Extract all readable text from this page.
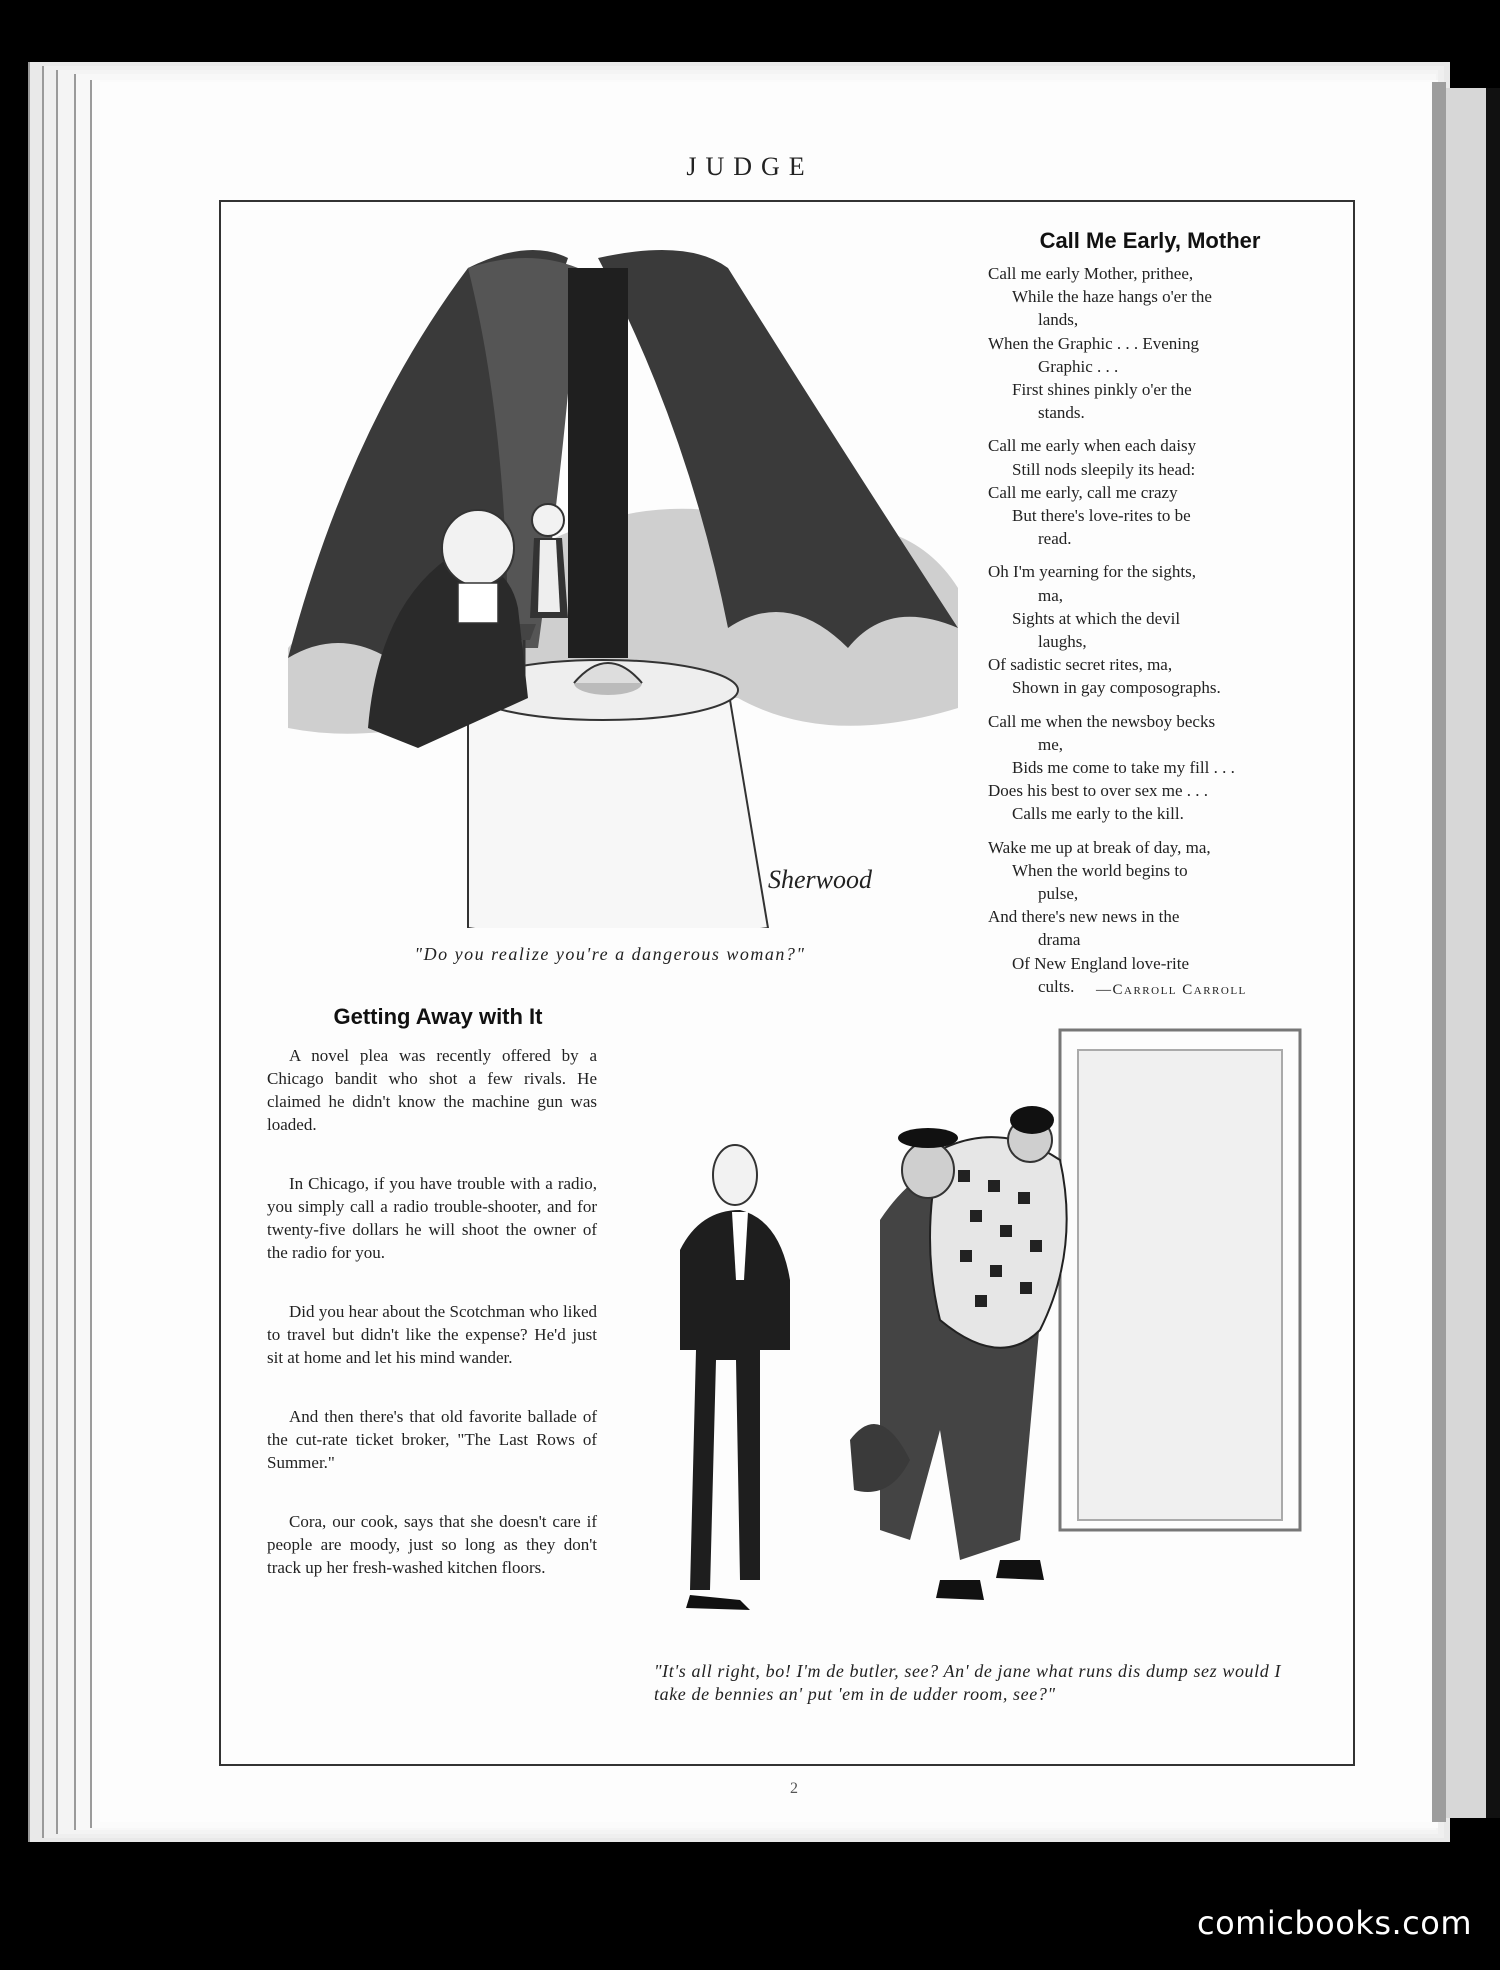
JUDGE
Sherwood
"Do you realize you're a dangerous woman?"
Call Me Early, Mother
Call me early Mother, prithee,
While the haze hangs o'er the
lands,
When the Graphic . . . Evening
Graphic . . .
First shines pinkly o'er the
stands.
Call me early when each daisy
Still nods sleepily its head:
Call me early, call me crazy
But there's love-rites to be
read.
Oh I'm yearning for the sights,
ma,
Sights at which the devil
laughs,
Of sadistic secret rites, ma,
Shown in gay composographs.
Call me when the newsboy becks
me,
Bids me come to take my fill . . .
Does his best to over sex me . . .
Calls me early to the kill.
Wake me up at break of day, ma,
When the world begins to
pulse,
And there's new news in the
drama
Of New England love-rite
cults.	—Carroll Carroll
Getting Away with It

A novel plea was recently offered by a Chicago bandit who shot a few rivals. He claimed he didn't know the machine gun was loaded.

In Chicago, if you have trouble with a radio, you simply call a radio trouble-shooter, and for twenty-five dollars he will shoot the owner of the radio for you.

Did you hear about the Scotchman who liked to travel but didn't like the expense? He'd just sit at home and let his mind wander.

And then there's that old favorite ballade of the cut-rate ticket broker, "The Last Rows of Summer."

Cora, our cook, says that she doesn't care if people are moody, just so long as they don't track up her fresh-washed kitchen floors.

"It's all right, bo! I'm de butler, see? An' de jane what runs dis dump sez would I take de bennies an' put 'em in de udder room, see?"
2
comicbooks.com
